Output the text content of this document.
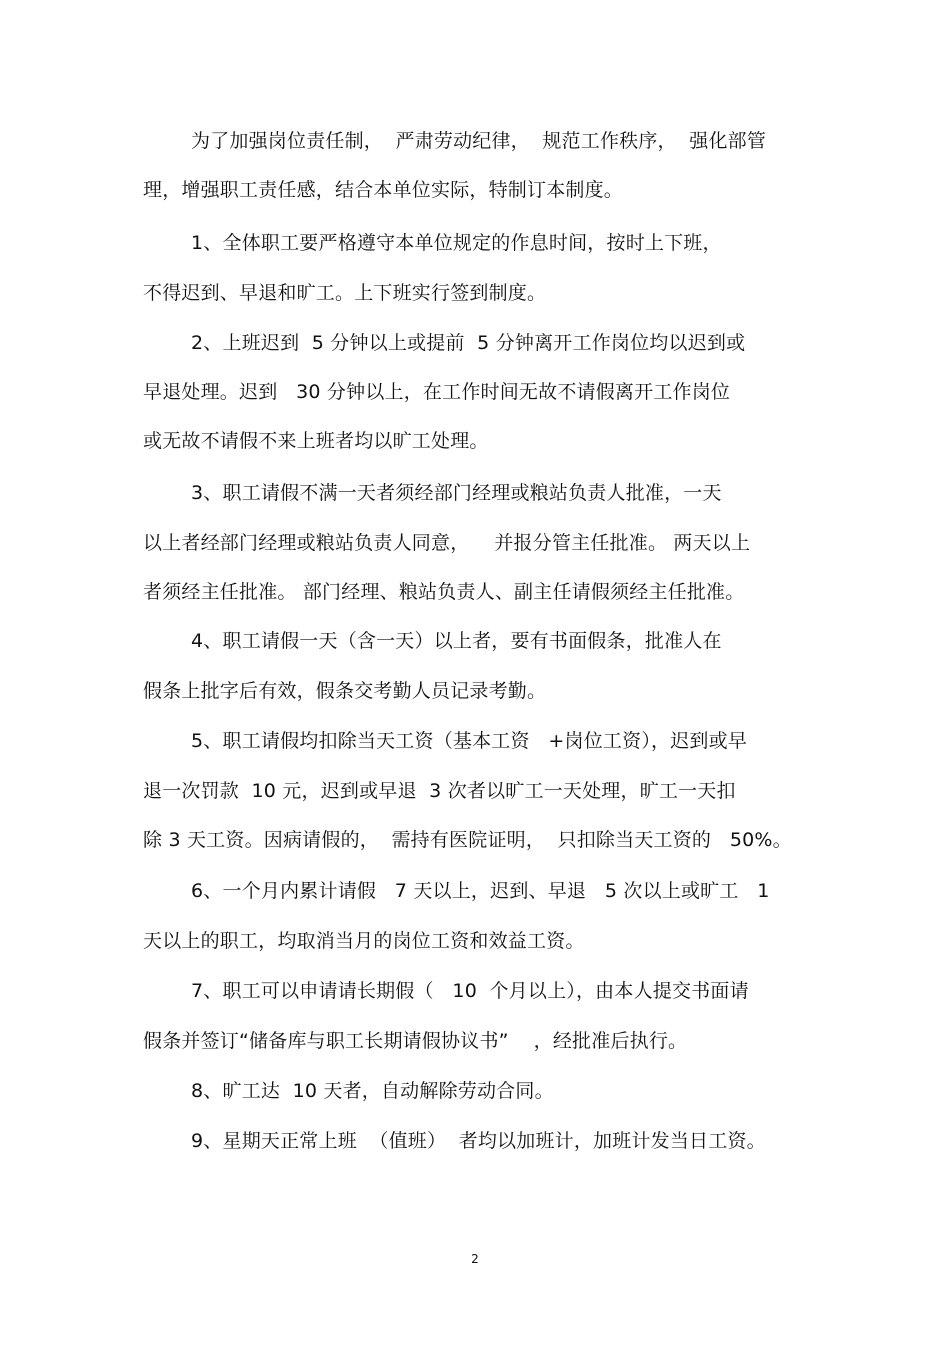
为了加强岗位责任制，  严肃劳动纪律，  规范工作秩序，  强化部管
理，增强职工责任感，结合本单位实际，特制订本制度。
1、全体职工要严格遵守本单位规定的作息时间，按时上下班，
不得迟到、早退和旷工。上下班实行签到制度。
2、上班迟到  5 分钟以上或提前  5 分钟离开工作岗位均以迟到或
早退处理。迟到   30 分钟以上，在工作时间无故不请假离开工作岗位
或无故不请假不来上班者均以旷工处理。
3、职工请假不满一天者须经部门经理或粮站负责人批准，一天
以上者经部门经理或粮站负责人同意，    并报分管主任批准。 两天以上
者须经主任批准。 部门经理、粮站负责人、副主任请假须经主任批准。
4、职工请假一天（含一天）以上者，要有书面假条，批准人在
假条上批字后有效，假条交考勤人员记录考勤。
5、职工请假均扣除当天工资（基本工资   +岗位工资），迟到或早
退一次罚款  10 元，迟到或早退  3 次者以旷工一天处理，旷工一天扣
除 3 天工资。因病请假的，  需持有医院证明，  只扣除当天工资的   50%。
6、一个月内累计请假   7 天以上，迟到、早退   5 次以上或旷工   1
天以上的职工，均取消当月的岗位工资和效益工资。
7、职工可以申请请长期假（   10  个月以上），由本人提交书面请
假条并签订“储备库与职工长期请假协议书”    ，经批准后执行。
8、旷工达  10 天者，自动解除劳动合同。
9、星期天正常上班  （值班）  者均以加班计，加班计发当日工资。
2
